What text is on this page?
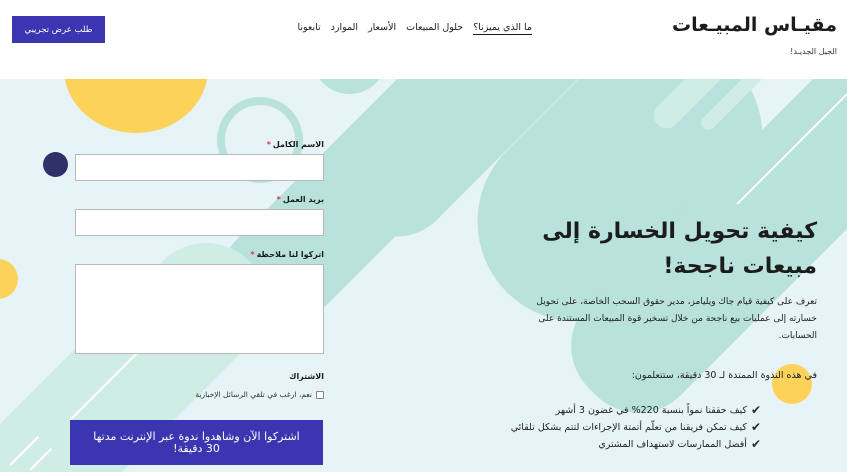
مقيـاس المبيـعات
الجيل الجديـد!
ما الذي يميزنا؟
حلول المبيعات
الأسعار
الموارد
تابعونا
طلب عرض تجريبي
الاسم الكامل*
بريد العمل*
اتركوا لنا ملاحظة*
الاشتراك
نعم، ارغب في تلقي الرسائل الإخبارية
اشتركوا الآن وشاهدوا ندوة عبر الإنترنت مدتها 30 دقيقة!
كيفية تحويل الخسارة إلى مبيعات ناجحة!

تعرف على كيفية قيام جاك ويليامز، مدير حقوق السحب الخاصة، على تحويل خسارته إلى عمليات بيع ناجحة من خلال تسخير قوة المبيعات المستندة على الحسابات.

في هذه الندوة الممتدة لـ 30 دقيقة، ستتعلمون:

✔
كيف حققنا نمواً بنسبة 220% في غضون 3 أشهر
✔
كيف تمكن فريقنا من تعلّم أتمتة الإجراءات لتتم بشكل تلقائي
✔
أفضل الممارسات لاستهداف المشتري
